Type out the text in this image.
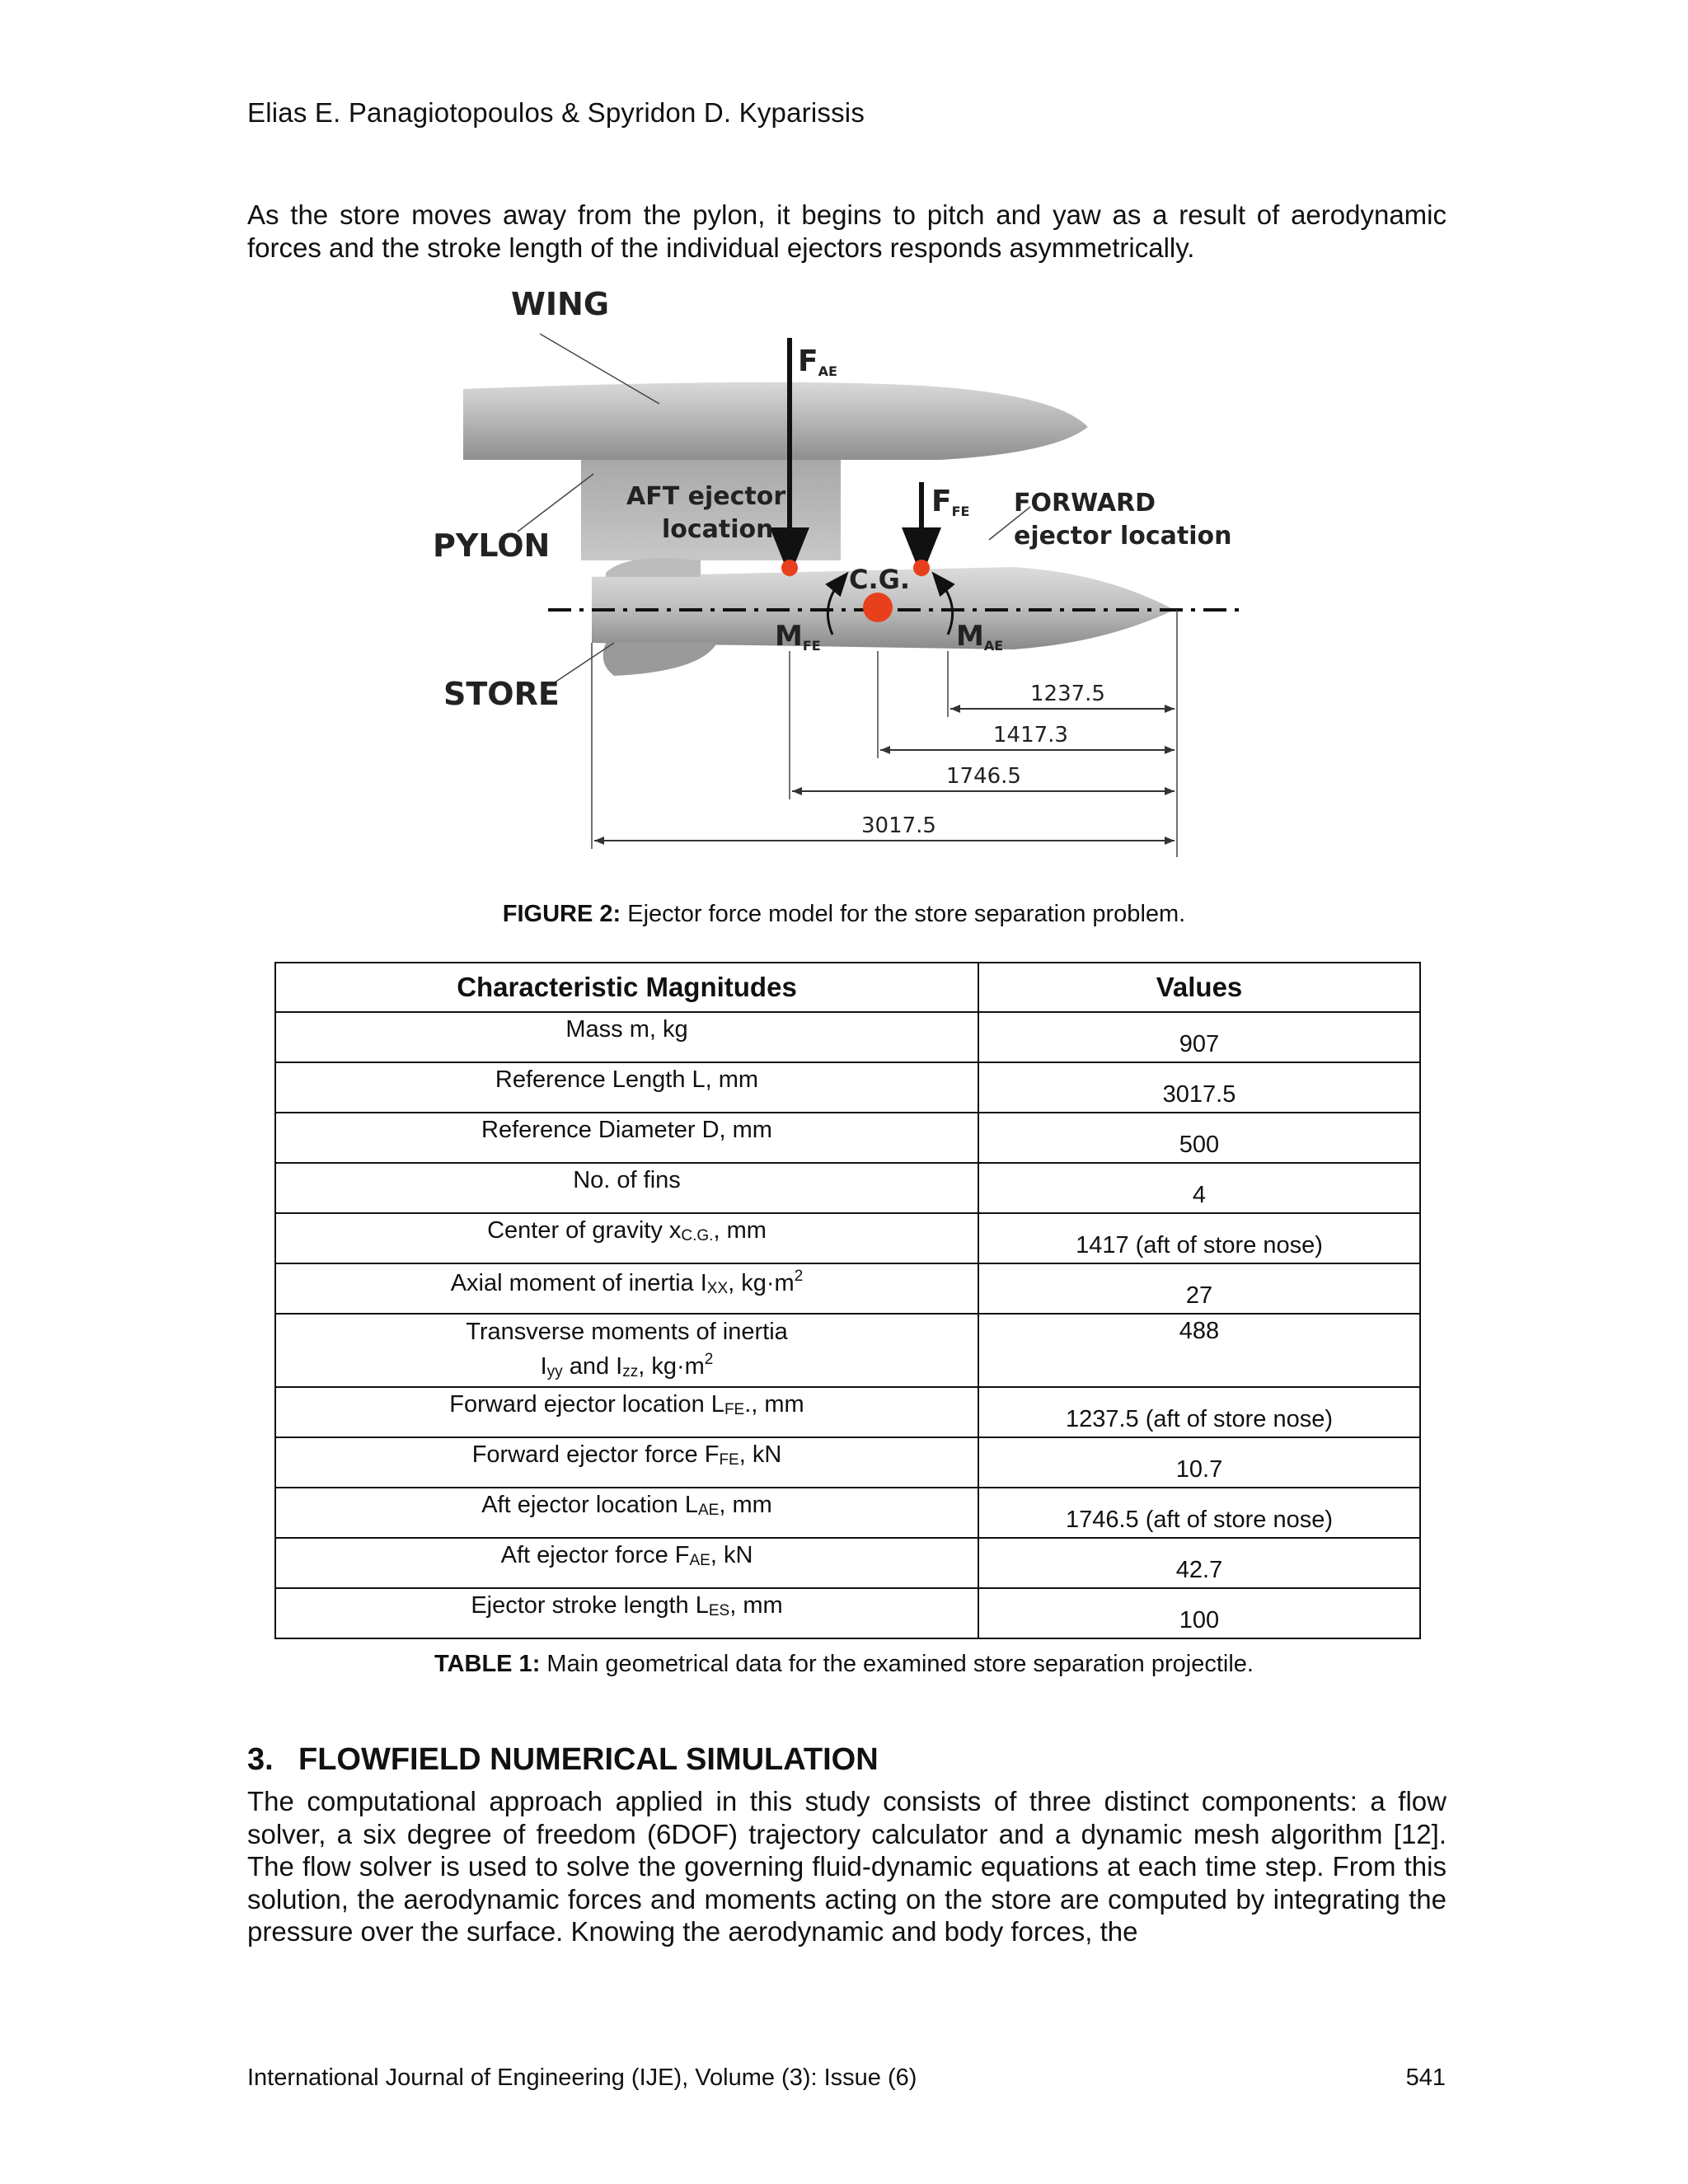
Elias E. Panagiotopoulos & Spyridon D. Kyparissis
As the store moves away from the pylon, it begins to pitch and yaw as a result of aerodynamic forces and the stroke length of the individual ejectors responds asymmetrically.
WING
PYLON
STORE
AFT ejector
location
FORWARD
ejector location
C.G.
FAE
FFE
MFE	MAE
1237.5
1417.3
1746.5
3017.5
FIGURE 2: Ejector force model for the store separation problem.
Characteristic Magnitudes	Values
Mass m, kg	907
Reference Length L, mm	3017.5
Reference Diameter D, mm	500
No. of fins	4
Center of gravity $x_{C.G.}$, mm	1417 (aft of store nose)
Axial moment of inertia $I_{XX}$, $kg\cdot m^2$	27
Transverse moments of inertia
$I_{yy}$ and $I_{zz}$, $kg\cdot m^2$	488
Forward ejector location $L_{FE}$., mm	1237.5 (aft of store nose)
Forward ejector force $F_{FE}$, kN	10.7
Aft ejector location $L_{AE}$, mm	1746.5 (aft of store nose)
Aft ejector force $F_{AE}$, kN	42.7
Ejector stroke length $L_{ES}$, mm	100
TABLE 1: Main geometrical data for the examined store separation projectile.
3. FLOWFIELD NUMERICAL SIMULATION
The computational approach applied in this study consists of three distinct components: a flow solver, a six degree of freedom (6DOF) trajectory calculator and a dynamic mesh algorithm [12]. The flow solver is used to solve the governing fluid-dynamic equations at each time step. From this solution, the aerodynamic forces and moments acting on the store are computed by integrating the pressure over the surface. Knowing the aerodynamic and body forces, the
International Journal of Engineering (IJE), Volume (3): Issue (6)	541
